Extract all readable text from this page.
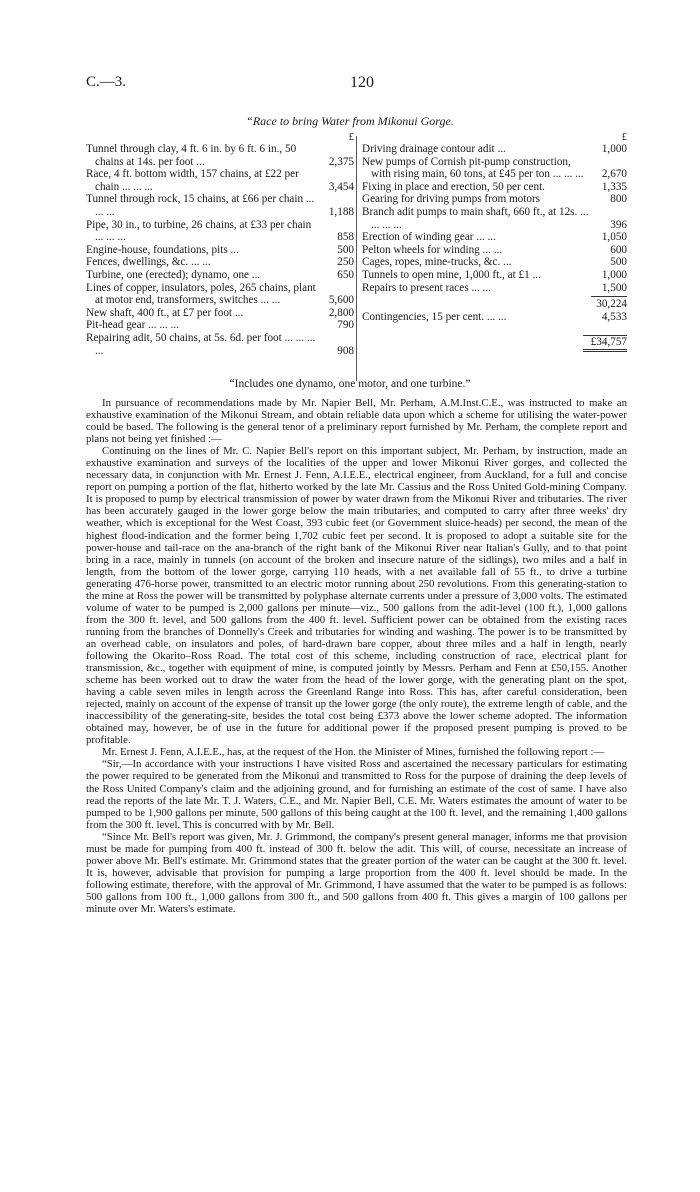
C.—3.	120
“Race to bring Water from Mikonui Gorge.
£
Tunnel through clay, 4 ft. 6 in. by 6 ft. 6 in., 50 chains at 14s. per foot ...	2,375
Race, 4 ft. bottom width, 157 chains, at £22 per chain ... ... ...	3,454
Tunnel through rock, 15 chains, at £66 per chain ... ... ...	1,188
Pipe, 30 in., to turbine, 26 chains, at £33 per chain ... ... ...	858
Engine-house, foundations, pits ...	500
Fences, dwellings, &c. ... ...	250
Turbine, one (erected); dynamo, one ...	650
Lines of copper, insulators, poles, 265 chains, plant at motor end, transformers, switches ... ...	5,600
New shaft, 400 ft., at £7 per foot ...	2,800
Pit-head gear ... ... ...	790
Repairing adit, 50 chains, at 5s. 6d. per foot ... ... ... ...	908
£
Driving drainage contour adit ...	1,000
New pumps of Cornish pit-pump construction, with rising main, 60 tons, at £45 per ton ... ... ...	2,670
Fixing in place and erection, 50 per cent.	1,335
Gearing for driving pumps from motors	800
Branch adit pumps to main shaft, 660 ft., at 12s. ... ... ... ...	396
Erection of winding gear ... ...	1,050
Pelton wheels for winding ... ...	600
Cages, ropes, mine-trucks, &c. ...	500
Tunnels to open mine, 1,000 ft., at £1 ...	1,000
Repairs to present races ... ...	1,500
30,224
Contingencies, 15 per cent. ... ...	4,533
£34,757
“Includes one dynamo, one motor, and one turbine.”

In pursuance of recommendations made by Mr. Napier Bell, Mr. Perham, A.M.Inst.C.E., was instructed to make an exhaustive examination of the Mikonui Stream, and obtain reliable data upon which a scheme for utilising the water-power could be based. The following is the general tenor of a preliminary report furnished by Mr. Perham, the complete report and plans not being yet finished :—

Continuing on the lines of Mr. C. Napier Bell's report on this important subject, Mr. Perham, by instruction, made an exhaustive examination and surveys of the localities of the upper and lower Mikonui River gorges, and collected the necessary data, in conjunction with Mr. Ernest J. Fenn, A.I.E.E., electrical engineer, from Auckland, for a full and concise report on pumping a portion of the flat, hitherto worked by the late Mr. Cassius and the Ross United Gold-mining Company. It is proposed to pump by electrical transmission of power by water drawn from the Mikonui River and tributaries. The river has been accurately gauged in the lower gorge below the main tributaries, and computed to carry after three weeks' dry weather, which is exceptional for the West Coast, 393 cubic feet (or Government sluice-heads) per second, the mean of the highest flood-indication and the former being 1,702 cubic feet per second. It is proposed to adopt a suitable site for the power-house and tail-race on the ana-branch of the right bank of the Mikonui River near Italian's Gully, and to that point bring in a race, mainly in tunnels (on account of the broken and insecure nature of the sidlings), two miles and a half in length, from the bottom of the lower gorge, carrying 110 heads, with a net available fall of 55 ft., to drive a turbine generating 476-horse power, transmitted to an electric motor running about 250 revolutions. From this generating-station to the mine at Ross the power will be transmitted by polyphase alternate currents under a pressure of 3,000 volts. The estimated volume of water to be pumped is 2,000 gallons per minute—viz., 500 gallons from the adit-level (100 ft.), 1,000 gallons from the 300 ft. level, and 500 gallons from the 400 ft. level. Sufficient power can be obtained from the existing races running from the branches of Donnelly's Creek and tributaries for winding and washing. The power is to be transmitted by an overhead cable, on insulators and poles, of hard-drawn bare copper, about three miles and a half in length, nearly following the Okarito–Ross Road. The total cost of this scheme, including construction of race, electrical plant for transmission, &c., together with equipment of mine, is computed jointly by Messrs. Perham and Fenn at £50,155. Another scheme has been worked out to draw the water from the head of the lower gorge, with the generating plant on the spot, having a cable seven miles in length across the Greenland Range into Ross. This has, after careful consideration, been rejected, mainly on account of the expense of transit up the lower gorge (the only route), the extreme length of cable, and the inaccessibility of the generating-site, besides the total cost being £373 above the lower scheme adopted. The information obtained may, however, be of use in the future for additional power if the proposed present pumping is proved to be profitable.

Mr. Ernest J. Fenn, A.I.E.E., has, at the request of the Hon. the Minister of Mines, furnished the following report :—

“Sir,—In accordance with your instructions I have visited Ross and ascertained the necessary particulars for estimating the power required to be generated from the Mikonui and transmitted to Ross for the purpose of draining the deep levels of the Ross United Company's claim and the adjoining ground, and for furnishing an estimate of the cost of same. I have also read the reports of the late Mr. T. J. Waters, C.E., and Mr. Napier Bell, C.E. Mr. Waters estimates the amount of water to be pumped to be 1,900 gallons per minute, 500 gallons of this being caught at the 100 ft. level, and the remaining 1,400 gallons from the 300 ft. level. This is concurred with by Mr. Bell.

“Since Mr. Bell's report was given, Mr. J. Grimmond, the company's present general manager, informs me that provision must be made for pumping from 400 ft. instead of 300 ft. below the adit. This will, of course, necessitate an increase of power above Mr. Bell's estimate. Mr. Grimmond states that the greater portion of the water can be caught at the 300 ft. level. It is, however, advisable that provision for pumping a large proportion from the 400 ft. level should be made. In the following estimate, therefore, with the approval of Mr. Grimmond, I have assumed that the water to be pumped is as follows: 500 gallons from 100 ft., 1,000 gallons from 300 ft., and 500 gallons from 400 ft. This gives a margin of 100 gallons per minute over Mr. Waters's estimate.
